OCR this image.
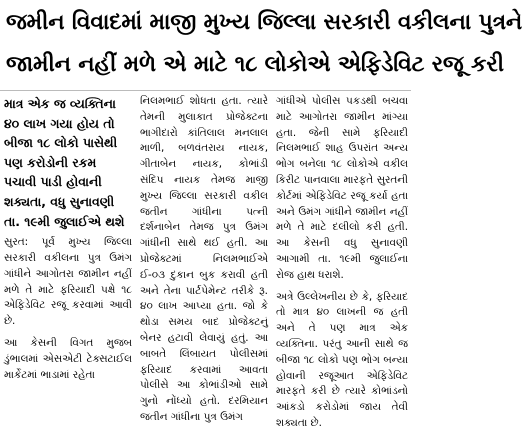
જમીન વિવાદમાં માજી મુખ્ય જિલ્લા સરકારી વકીલના પુત્રને
જામીન નહીં મળે એ માટે ૧૮ લોકોએ એફિડેવિટ રજૂ કરી

માત્ર એક જ વ્યક્તિના ૪૦ લાખ ગયા હોય તો બીજા ૧૮ લોકો પાસેથી પણ કરોડોની રકમ પચાવી પાડી હોવાની શક્યતા, વધુ સુનાવણી તા. ૧૯મી જુલાઈએ થશે

સુરત: પૂર્વ મુખ્ય જિલ્લા સરકારી વકીલના પુત્ર ઉમંગ ગાંધીને આગોતરા જામીન નહીં મળે તે માટે ફરિયાદી પક્ષે ૧૮ એફિડેવિટ રજૂ કરવામાં આવી છે.

આ કેસની વિગત મુજબ ડુંભાલમાં એસએટી ટેક્સટાઈલ માર્કેટમાં ભાડામાં રહેતા

નિલમભાઈ શોધતા હતા. ત્યારે તેમની મુલાકાત પ્રોજેક્ટના ભાગીદારો કાંતિલાલ મનલાલ માળી, બળવંતરાય નાયક, ગીતાબેન નાયક, કોભાંડી સંદિપ નાયક તેમજ માજી મુખ્ય જિલ્લા સરકારી વકીલ જતીન ગાંધીના પત્ની દર્શનાબેન તેમજ પુત્ર ઉમંગ ગાંધીની સાથે થઈ હતી. આ પ્રોજેક્ટમાં નિલમભાઈએ ઈ-૦૩ દુકાન બુક કરાવી હતી અને તેના પાર્ટપેમેન્ટ તરીકે રૂ. ૪૦ લાખ આપ્યા હતા. જો કે થોડા સમય બાદ પ્રોજેક્ટનું બેનર હટાવી લેવાયું હતું. આ બાબતે લિંબાયત પોલીસમાં ફરિયાદ કરવામાં આવતા પોલીસે આ કોભાંડીઓ સામે ગુનો નોંધ્યો હતો. દરમિયાન જતીન ગાંધીના પુત્ર ઉમંગ

ગાંધીએ પોલીસ પકડથી બચવા માટે આગોતરા જામીન માંગ્યા હતા. જેની સામે ફરિયાદી નિલમભાઈ શાહ ઉપરાંત અન્ય ભોગ બનેલા ૧૮ લોકોએ વકીલ કિરીટ પાનવાલા મારફતે સુરતની કોર્ટમાં એફિડેવિટ રજૂ કર્યા હતા અને ઉમંગ ગાંધીને જામીન નહીં મળે તે માટે દલીલો કરી હતી. આ કેસની વધુ સુનાવણી આગામી તા. ૧૯મી જુલાઈના રોજ હાથ ધરાશે.

અત્રે ઉલ્લેખનીય છે કે, ફરિયાદ તો માત્ર ૪૦ લાખની જ હતી અને તે પણ માત્ર એક વ્યક્તિના. પરંતુ આની સાથે જ બીજા ૧૮ લોકો પણ ભોગ બન્યા હોવાની રજૂઆત એફિડેવિટ મારફતે કરી છે ત્યારે કોભાંડનો આંકડો કરોડોમાં જાય તેવી શક્યતા છે.
